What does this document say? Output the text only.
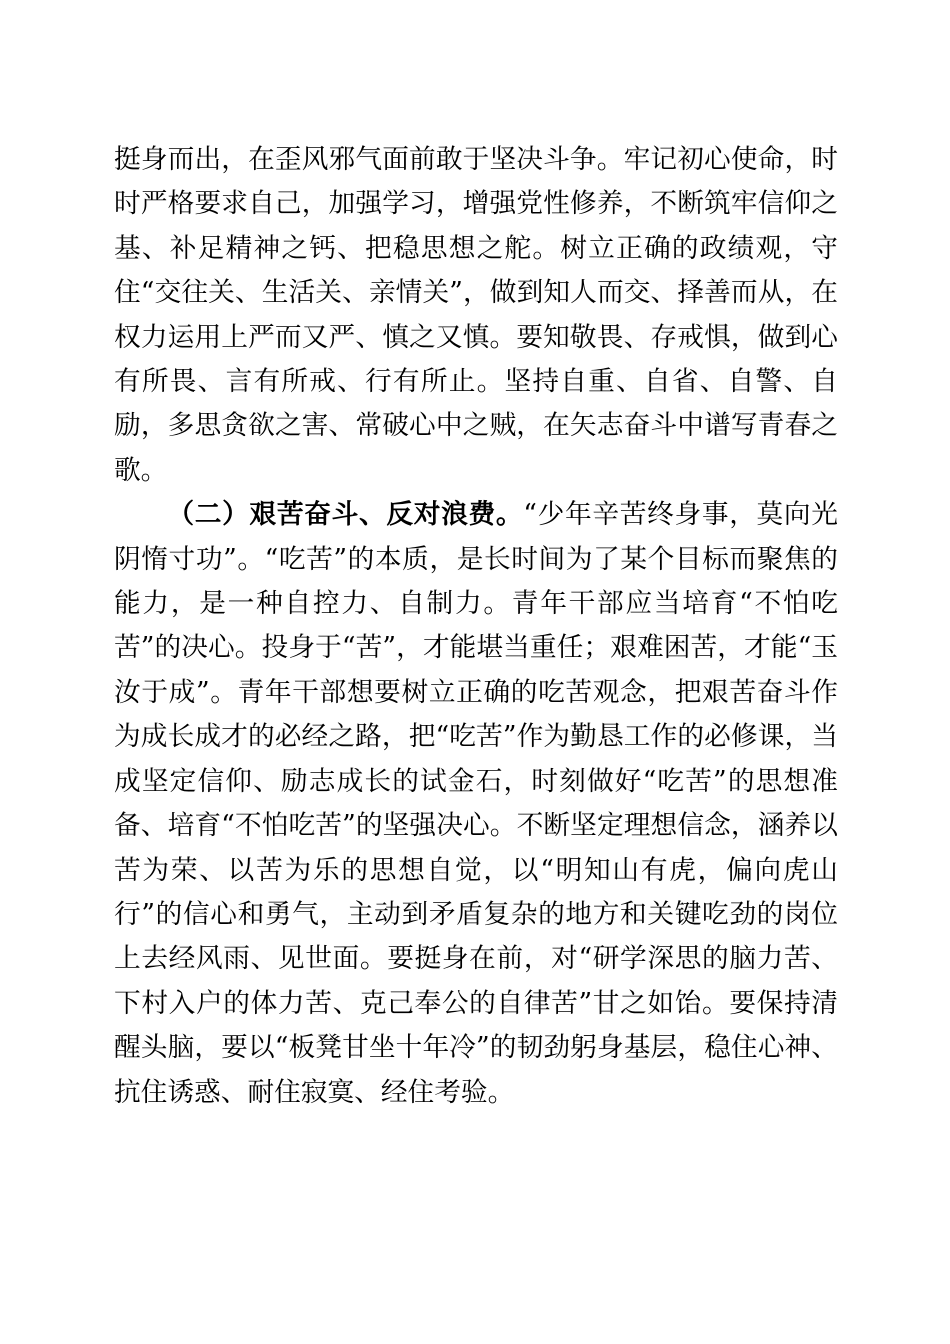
挺身而出，在歪风邪气面前敢于坚决斗争。牢记初心使命，时时严格要求自己，加强学习，增强党性修养，不断筑牢信仰之基、补足精神之钙、把稳思想之舵。树立正确的政绩观，守住“交往关、生活关、亲情关”，做到知人而交、择善而从，在权力运用上严而又严、慎之又慎。要知敬畏、存戒惧，做到心有所畏、言有所戒、行有所止。坚持自重、自省、自警、自励，多思贪欲之害、常破心中之贼，在矢志奋斗中谱写青春之歌。

（二）艰苦奋斗、反对浪费。“少年辛苦终身事，莫向光阴惰寸功”。“吃苦”的本质，是长时间为了某个目标而聚焦的能力，是一种自控力、自制力。青年干部应当培育“不怕吃苦”的决心。投身于“苦”，才能堪当重任；艰难困苦，才能“玉汝于成”。青年干部想要树立正确的吃苦观念，把艰苦奋斗作为成长成才的必经之路，把“吃苦”作为勤恳工作的必修课，当成坚定信仰、励志成长的试金石，时刻做好“吃苦”的思想准备、培育“不怕吃苦”的坚强决心。不断坚定理想信念，涵养以苦为荣、以苦为乐的思想自觉，以“明知山有虎，偏向虎山行”的信心和勇气，主动到矛盾复杂的地方和关键吃劲的岗位上去经风雨、见世面。要挺身在前，对“研学深思的脑力苦、下村入户的体力苦、克己奉公的自律苦”甘之如饴。要保持清醒头脑，要以“板凳甘坐十年冷”的韧劲躬身基层，稳住心神、抗住诱惑、耐住寂寞、经住考验。
